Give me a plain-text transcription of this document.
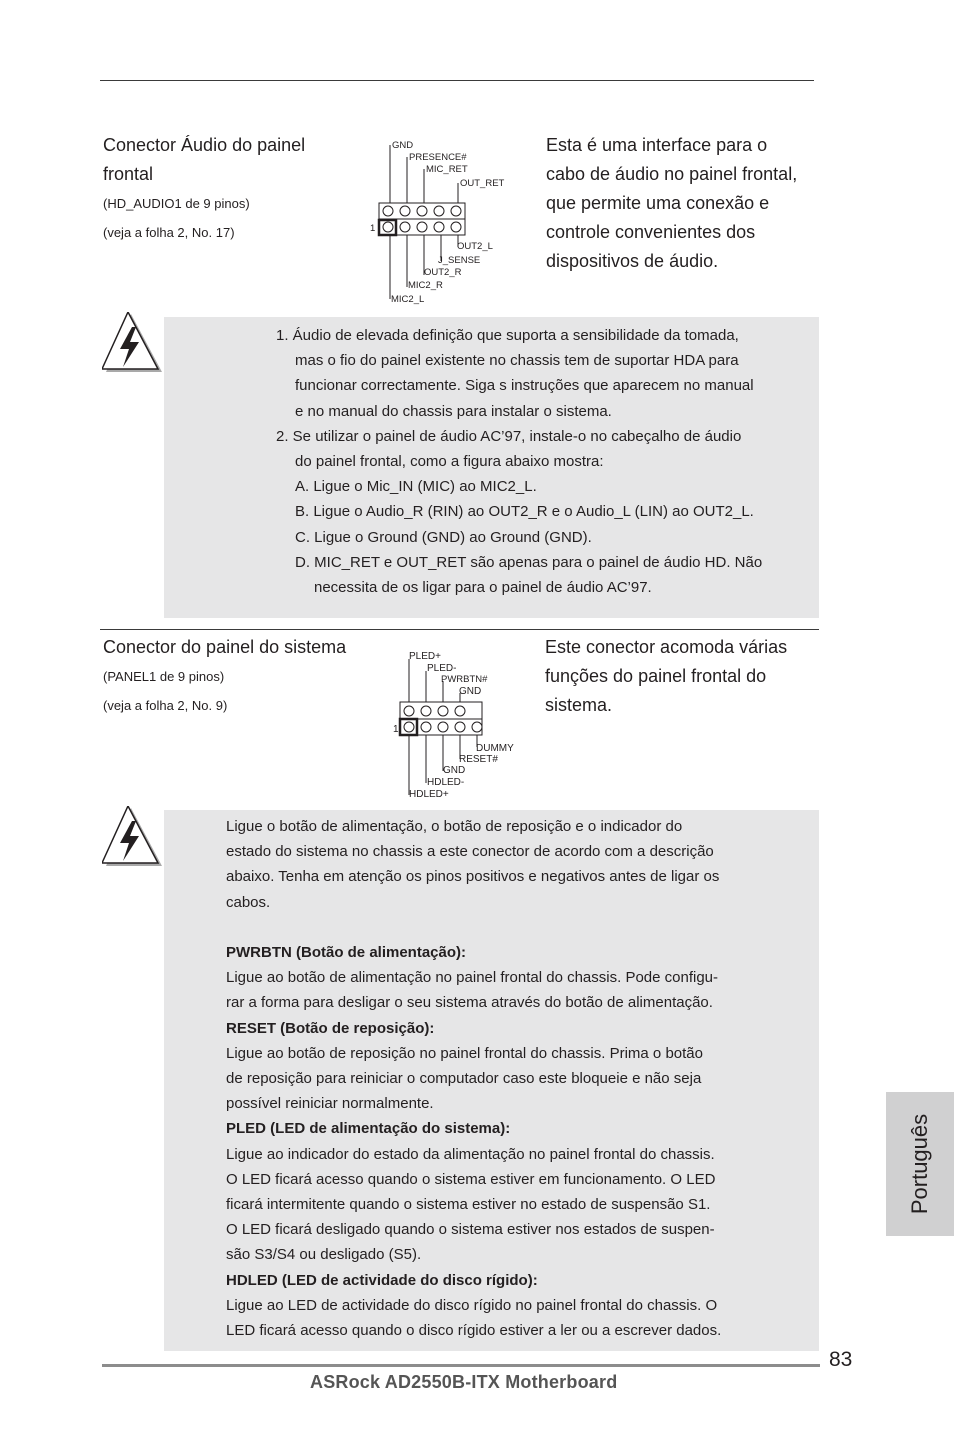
Conector Áudio do painel
frontal
(HD_AUDIO1 de 9 pinos)
(veja a folha 2, No. 17)
GND
PRESENCE#
MIC_RET
OUT_RET
1
OUT2_L
J_SENSE
OUT2_R
MIC2_R
MIC2_L
Esta é uma interface para o
cabo de áudio no painel frontal,
que permite uma conexão e
controle convenientes dos
dispositivos de áudio.

1. Áudio de elevada definição que suporta a sensibilidade da tomada,

mas o fio do painel existente no chassis tem de suportar HDA para

funcionar correctamente. Siga s instruções que aparecem no manual

e no manual do chassis para instalar o sistema.

2. Se utilizar o painel de áudio AC’97, instale-o no cabeçalho de áudio

do painel frontal, como a figura abaixo mostra:

A. Ligue o Mic_IN (MIC) ao MIC2_L.

B. Ligue o Audio_R (RIN) ao OUT2_R e o Audio_L (LIN) ao OUT2_L.

C. Ligue o Ground (GND) ao Ground (GND).

D. MIC_RET e OUT_RET são apenas para o painel de áudio HD. Não

necessita de os ligar para o painel de áudio AC’97.

Conector do painel do sistema
(PANEL1 de 9 pinos)
(veja a folha 2, No. 9)
PLED+
PLED-
PWRBTN#
GND
1
DUMMY
RESET#
GND
HDLED-
HDLED+
Este conector acomoda várias
funções do painel frontal do
sistema.

Ligue o botão de alimentação, o botão de reposição e o indicador do

estado do sistema no chassis a este conector de acordo com a descrição

abaixo. Tenha em atenção os pinos positivos e negativos antes de ligar os

cabos.

PWRBTN (Botão de alimentação):

Ligue ao botão de alimentação no painel frontal do chassis. Pode configu-

rar a forma para desligar o seu sistema através do botão de alimentação.

RESET (Botão de reposição):

Ligue ao botão de reposição no painel frontal do chassis. Prima o botão

de reposição para reiniciar o computador caso este bloqueie e não seja

possível reiniciar normalmente.

PLED (LED de alimentação do sistema):

Ligue ao indicador do estado da alimentação no painel frontal do chassis.

O LED ficará acesso quando o sistema estiver em funcionamento. O LED

ficará intermitente quando o sistema estiver no estado de suspensão S1.

O LED ficará desligado quando o sistema estiver nos estados de suspen-

são S3/S4 ou desligado (S5).

HDLED (LED de actividade do disco rígido):

Ligue ao LED de actividade do disco rígido no painel frontal do chassis. O

LED ficará acesso quando o disco rígido estiver a ler ou a escrever dados.

Português
83
ASRock AD2550B-ITX Motherboard
